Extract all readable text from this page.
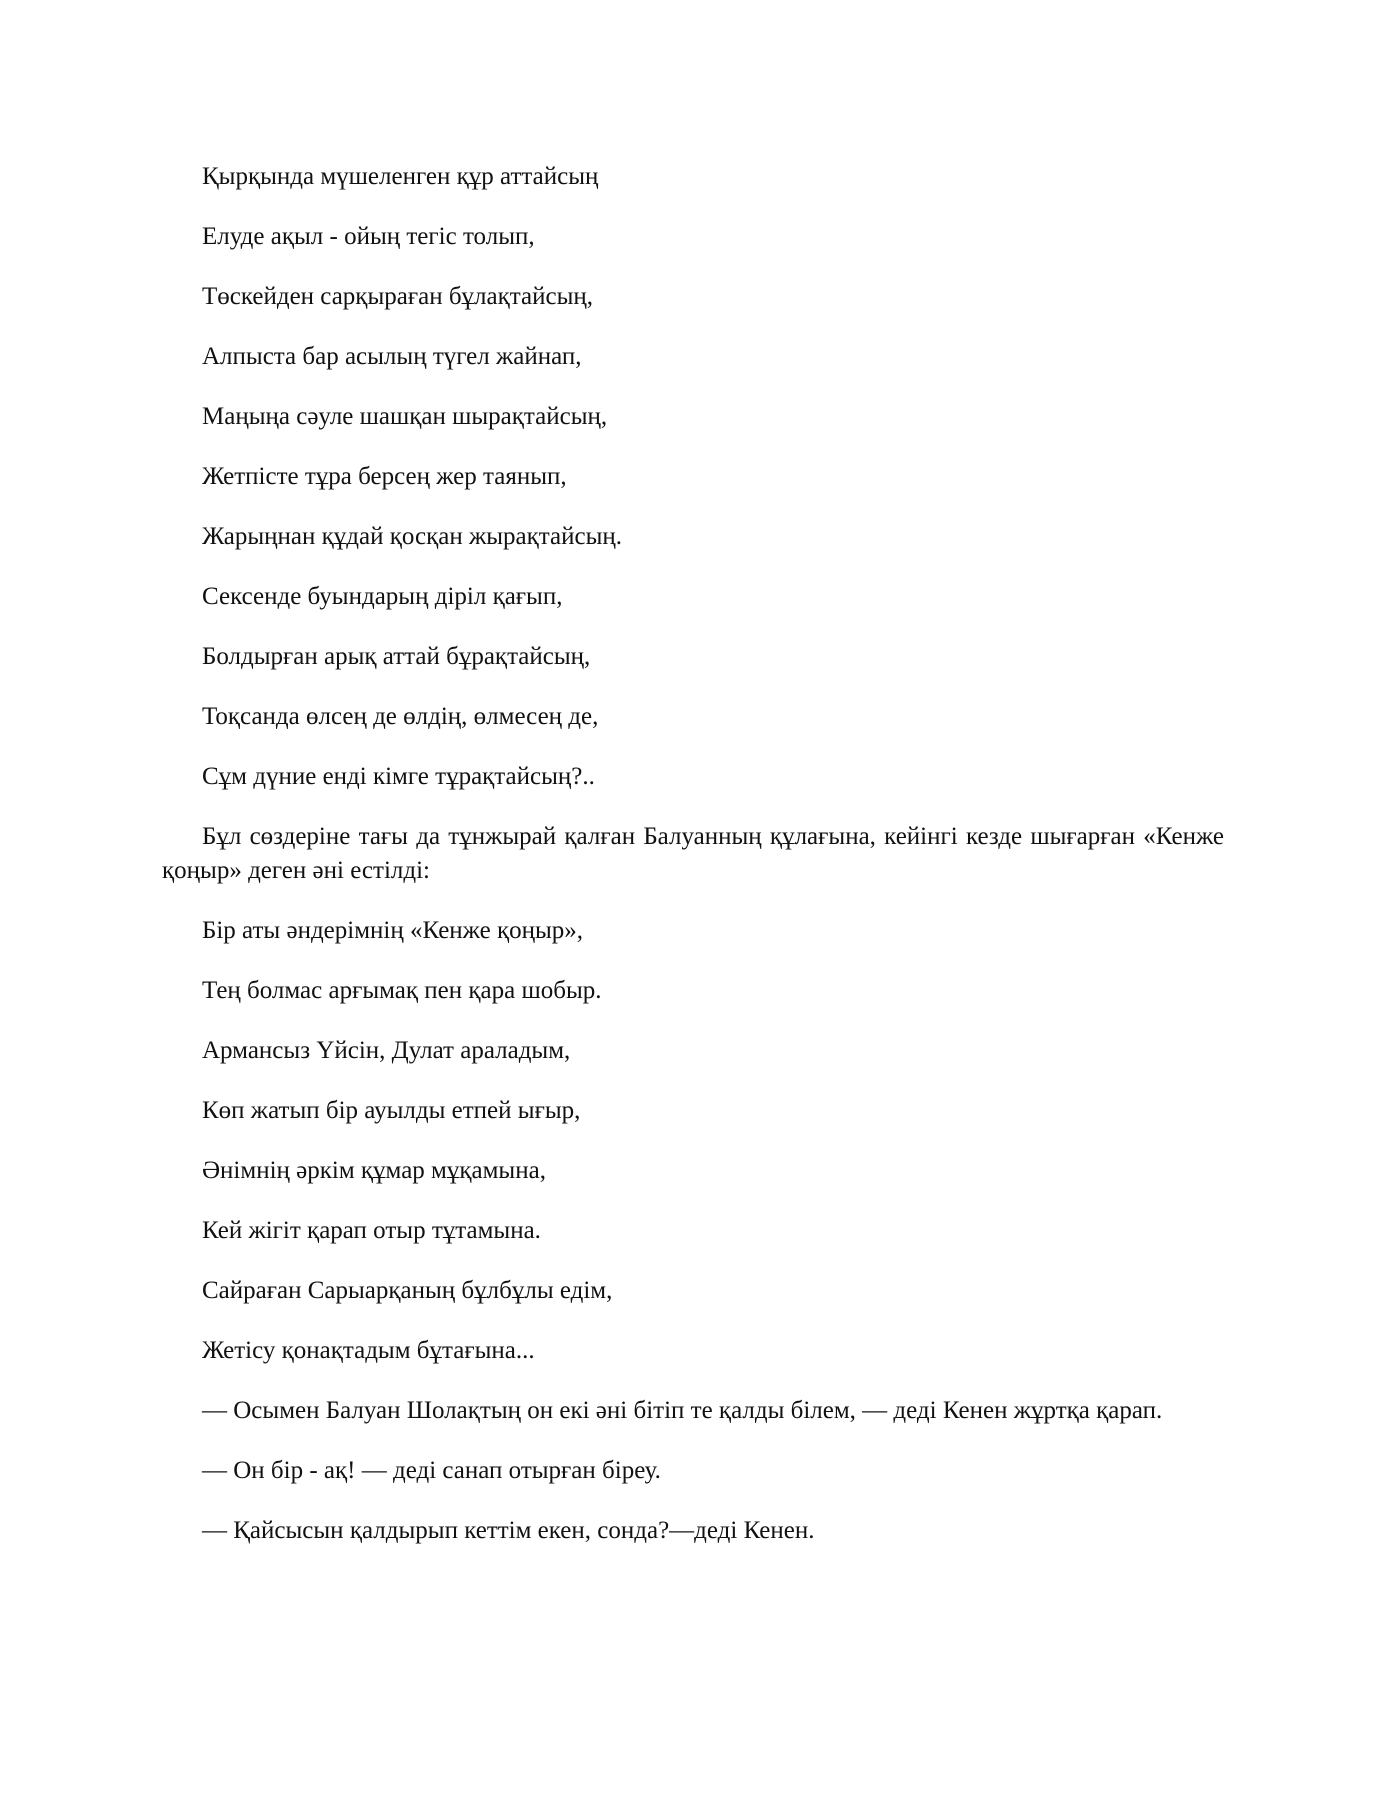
Қырқында мүшеленген құр аттайсың

Елуде ақыл - ойың тегіс толып,

Төскейден сарқыраған бұлақтайсың,

Алпыста бар асылың түгел жайнап,

Маңыңа сәуле шашқан шырақтайсың,

Жетпісте тұра берсең жер таянып,

Жарыңнан құдай қосқан жырақтайсың.

Сексенде буындарың діріл қағып,

Болдырған арық аттай бұрақтайсың,

Тоқсанда өлсең де өлдің, өлмесең де,

Сұм дүние енді кімге тұрақтайсың?..

Бұл сөздеріне тағы да тұнжырай қалған Балуанның құлағына, кейінгі кезде шығарған «Кенже қоңыр» деген әні естілді:

Бір аты әндерімнің «Кенже қоңыр»,

Тең болмас арғымақ пен қара шобыр.

Армансыз Үйсін, Дулат араладым,

Көп жатып бір ауылды етпей ығыр,

Әнімнің әркім құмар мұқамына,

Кей жігіт қарап отыр тұтамына.

Сайраған Сарыарқаның бұлбұлы едім,

Жетісу қонақтадым бұтағына...

— Осымен Балуан Шолақтың он екі әні бітіп те қалды білем, — деді Кенен жұртқа қарап.

— Он бір - ақ! — деді санап отырған біреу.

— Қайсысын қалдырып кеттім екен, сонда?—деді Кенен.
